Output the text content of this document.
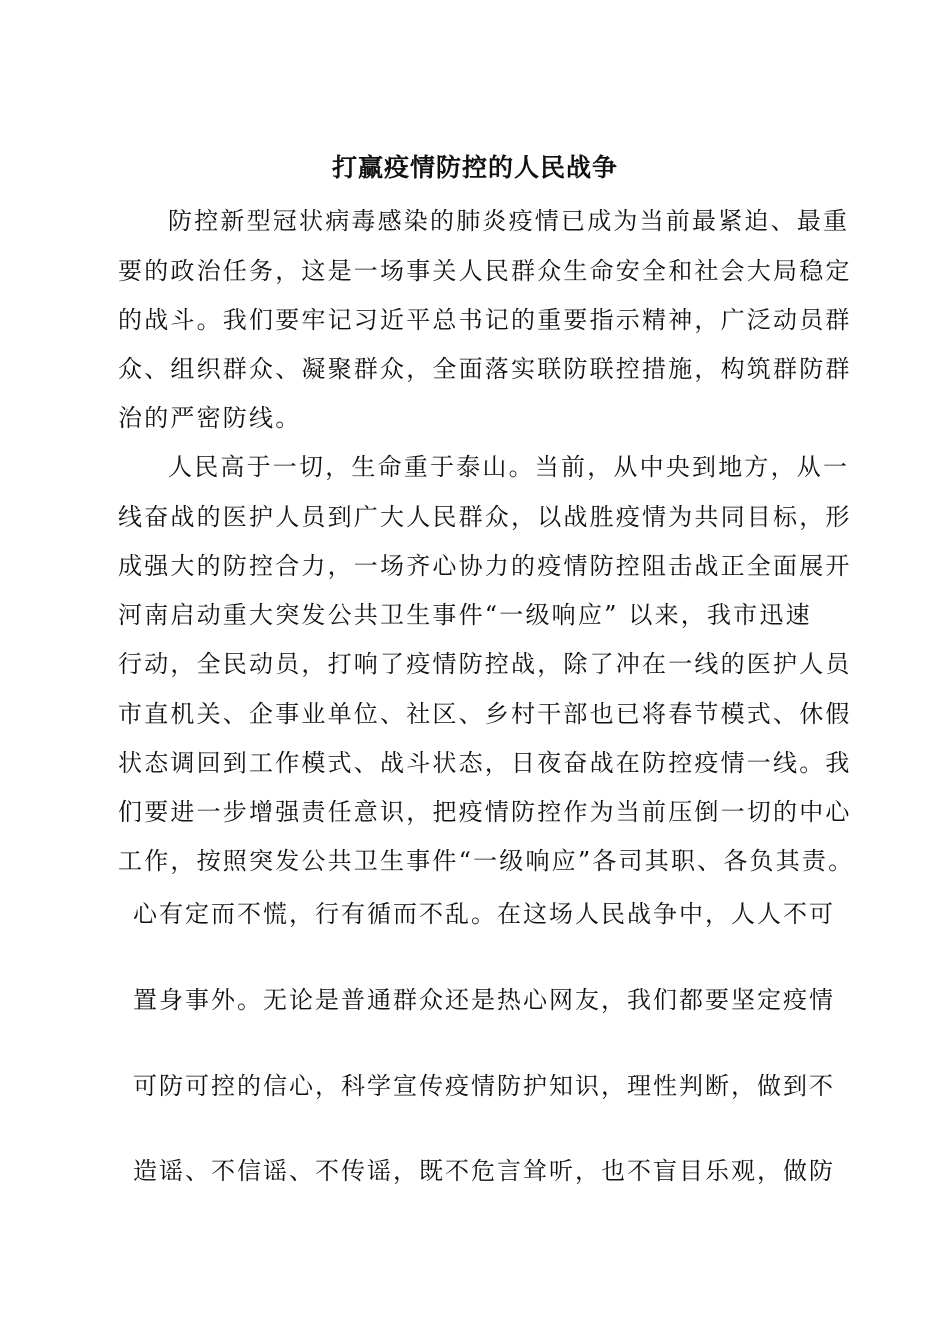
打赢疫情防控的人民战争
防控新型冠状病毒感染的肺炎疫情已成为当前最紧迫、最重
要的政治任务，这是一场事关人民群众生命安全和社会大局稳定
的战斗。我们要牢记习近平总书记的重要指示精神，广泛动员群
众、组织群众、凝聚群众，全面落实联防联控措施，构筑群防群
治的严密防线。
人民高于一切，生命重于泰山。当前，从中央到地方，从一
线奋战的医护人员到广大人民群众，以战胜疫情为共同目标，形
成强大的防控合力，一场齐心协力的疫情防控阻击战正全面展开
河南启动重大突发公共卫生事件“一级响应” 以来，我市迅速
行动，全民动员，打响了疫情防控战，除了冲在一线的医护人员
市直机关、企事业单位、社区、乡村干部也已将春节模式、休假
状态调回到工作模式、战斗状态，日夜奋战在防控疫情一线。我
们要进一步增强责任意识，把疫情防控作为当前压倒一切的中心
工作，按照突发公共卫生事件“一级响应”各司其职、各负其责。
心有定而不慌，行有循而不乱。在这场人民战争中，人人不可
置身事外。无论是普通群众还是热心网友，我们都要坚定疫情
可防可控的信心，科学宣传疫情防护知识，理性判断，做到不
造谣、不信谣、不传谣，既不危言耸听，也不盲目乐观，做防
